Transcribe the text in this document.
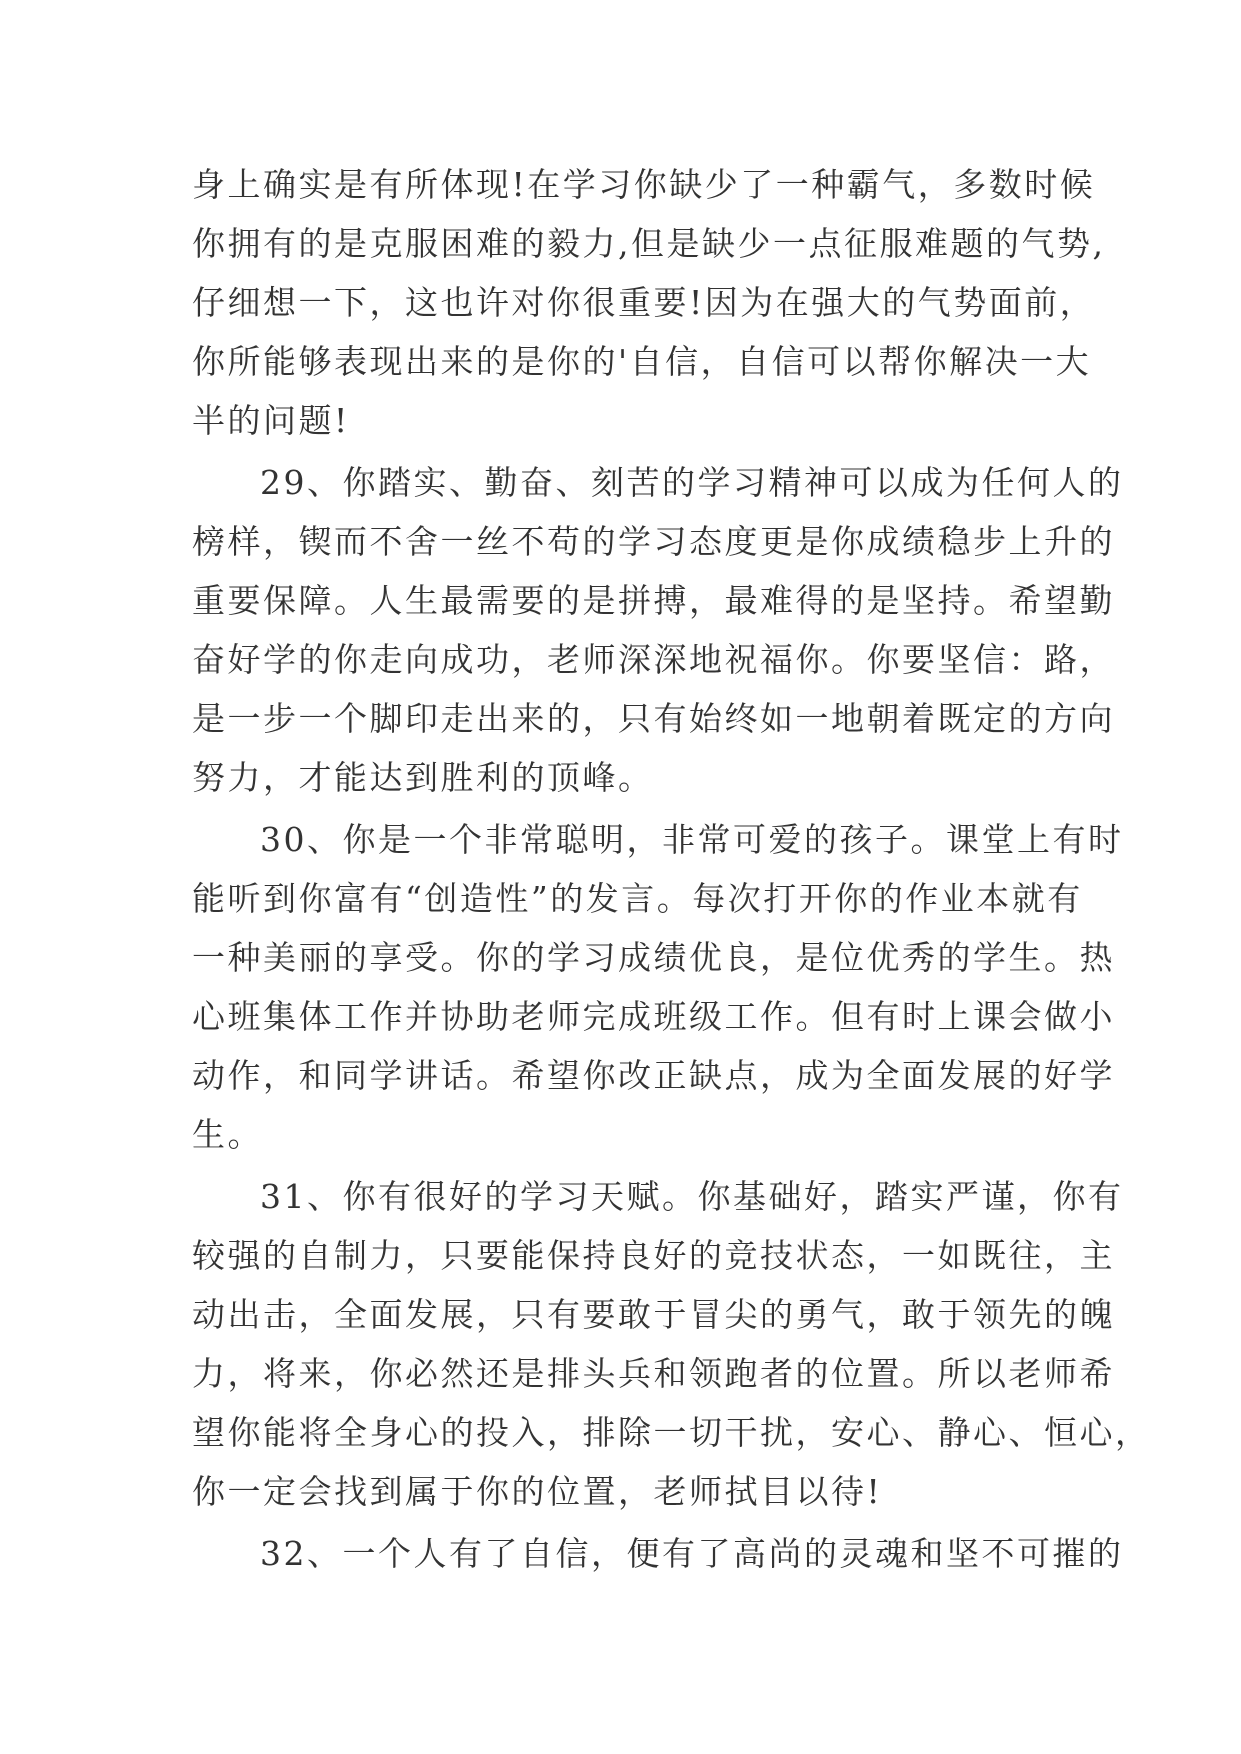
身上确实是有所体现!在学习你缺少了一种霸气，多数时候
你拥有的是克服困难的毅力,但是缺少一点征服难题的气势,
仔细想一下，这也许对你很重要!因为在强大的气势面前，
你所能够表现出来的是你的'自信，自信可以帮你解决一大
半的问题!
29、你踏实、勤奋、刻苦的学习精神可以成为任何人的
榜样，锲而不舍一丝不苟的学习态度更是你成绩稳步上升的
重要保障。人生最需要的是拼搏，最难得的是坚持。希望勤
奋好学的你走向成功，老师深深地祝福你。你要坚信：路，
是一步一个脚印走出来的，只有始终如一地朝着既定的方向
努力，才能达到胜利的顶峰。
30、你是一个非常聪明，非常可爱的孩子。课堂上有时
能听到你富有“创造性”的发言。每次打开你的作业本就有
一种美丽的享受。你的学习成绩优良，是位优秀的学生。热
心班集体工作并协助老师完成班级工作。但有时上课会做小
动作，和同学讲话。希望你改正缺点，成为全面发展的好学
生。
31、你有很好的学习天赋。你基础好，踏实严谨，你有
较强的自制力，只要能保持良好的竞技状态，一如既往，主
动出击，全面发展，只有要敢于冒尖的勇气，敢于领先的魄
力，将来，你必然还是排头兵和领跑者的位置。所以老师希
望你能将全身心的投入，排除一切干扰，安心、静心、恒心，
你一定会找到属于你的位置，老师拭目以待!
32、一个人有了自信，便有了高尚的灵魂和坚不可摧的
